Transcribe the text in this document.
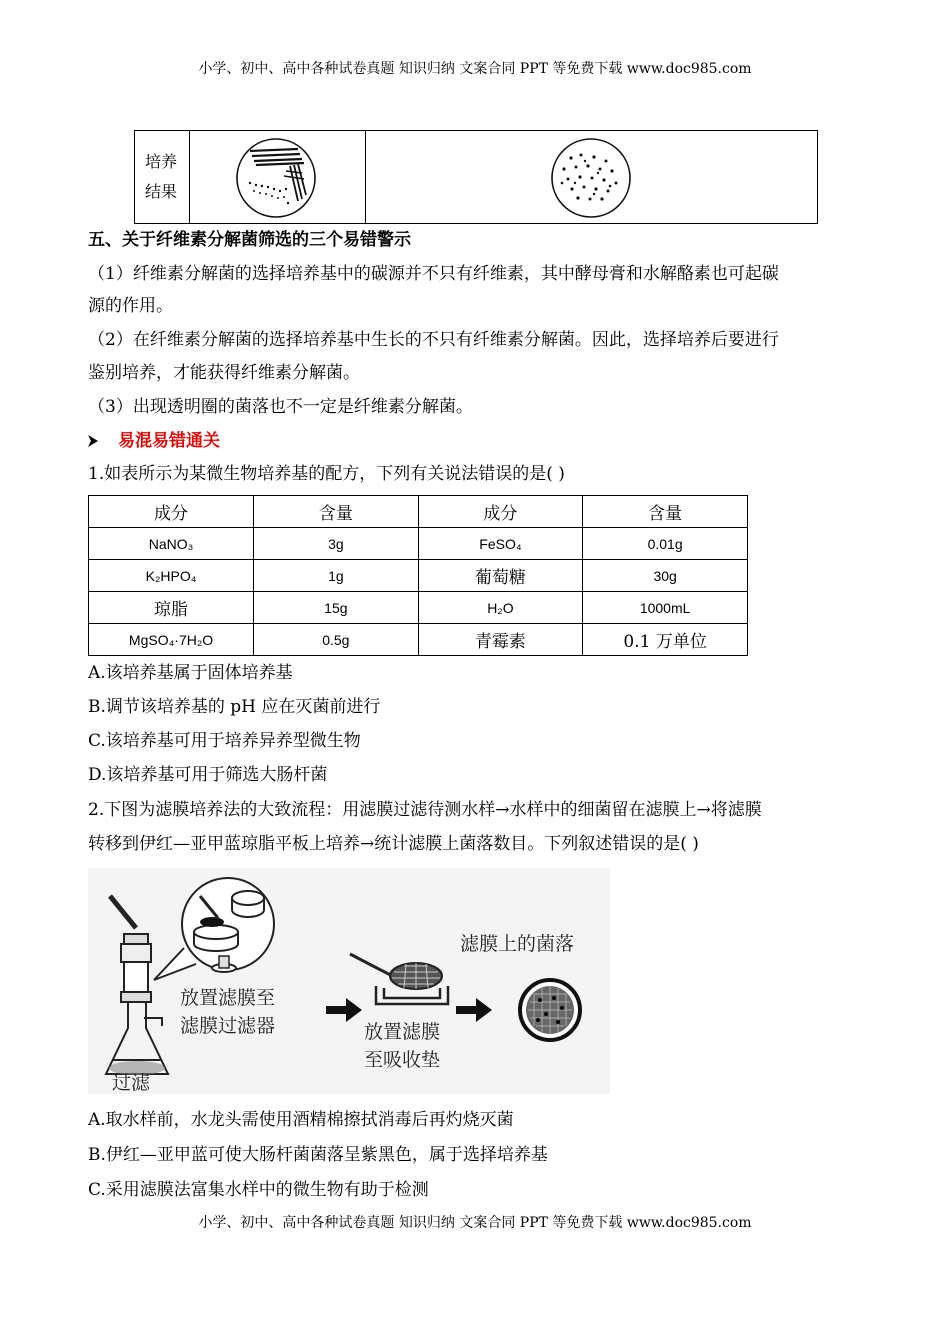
小学、初中、高中各种试卷真题 知识归纳 文案合同 PPT 等免费下载 www.doc985.com
培养
结果
五、关于纤维素分解菌筛选的三个易错警示
（1）纤维素分解菌的选择培养基中的碳源并不只有纤维素，其中酵母膏和水解酪素也可起碳
源的作用。
（2）在纤维素分解菌的选择培养基中生长的不只有纤维素分解菌。因此，选择培养后要进行
鉴别培养，才能获得纤维素分解菌。
（3）出现透明圈的菌落也不一定是纤维素分解菌。
易混易错通关
1.如表所示为某微生物培养基的配方，下列有关说法错误的是( )
成分	含量	成分	含量
NaNO₃	3g	FeSO₄	0.01g
K₂HPO₄	1g	葡萄糖	30g
琼脂	15g	H₂O	1000mL
MgSO₄·7H₂O	0.5g	青霉素	0.1 万单位
A.该培养基属于固体培养基
B.调节该培养基的 pH 应在灭菌前进行
C.该培养基可用于培养异养型微生物
D.该培养基可用于筛选大肠杆菌
2.下图为滤膜培养法的大致流程：用滤膜过滤待测水样→水样中的细菌留在滤膜上→将滤膜
转移到伊红—亚甲蓝琼脂平板上培养→统计滤膜上菌落数目。下列叙述错误的是( )
放置滤膜至
滤膜过滤器	放置滤膜
至吸收垫
滤膜上的菌落
过滤
A.取水样前，水龙头需使用酒精棉擦拭消毒后再灼烧灭菌
B.伊红—亚甲蓝可使大肠杆菌菌落呈紫黑色，属于选择培养基
C.采用滤膜法富集水样中的微生物有助于检测
小学、初中、高中各种试卷真题 知识归纳 文案合同 PPT 等免费下载 www.doc985.com
